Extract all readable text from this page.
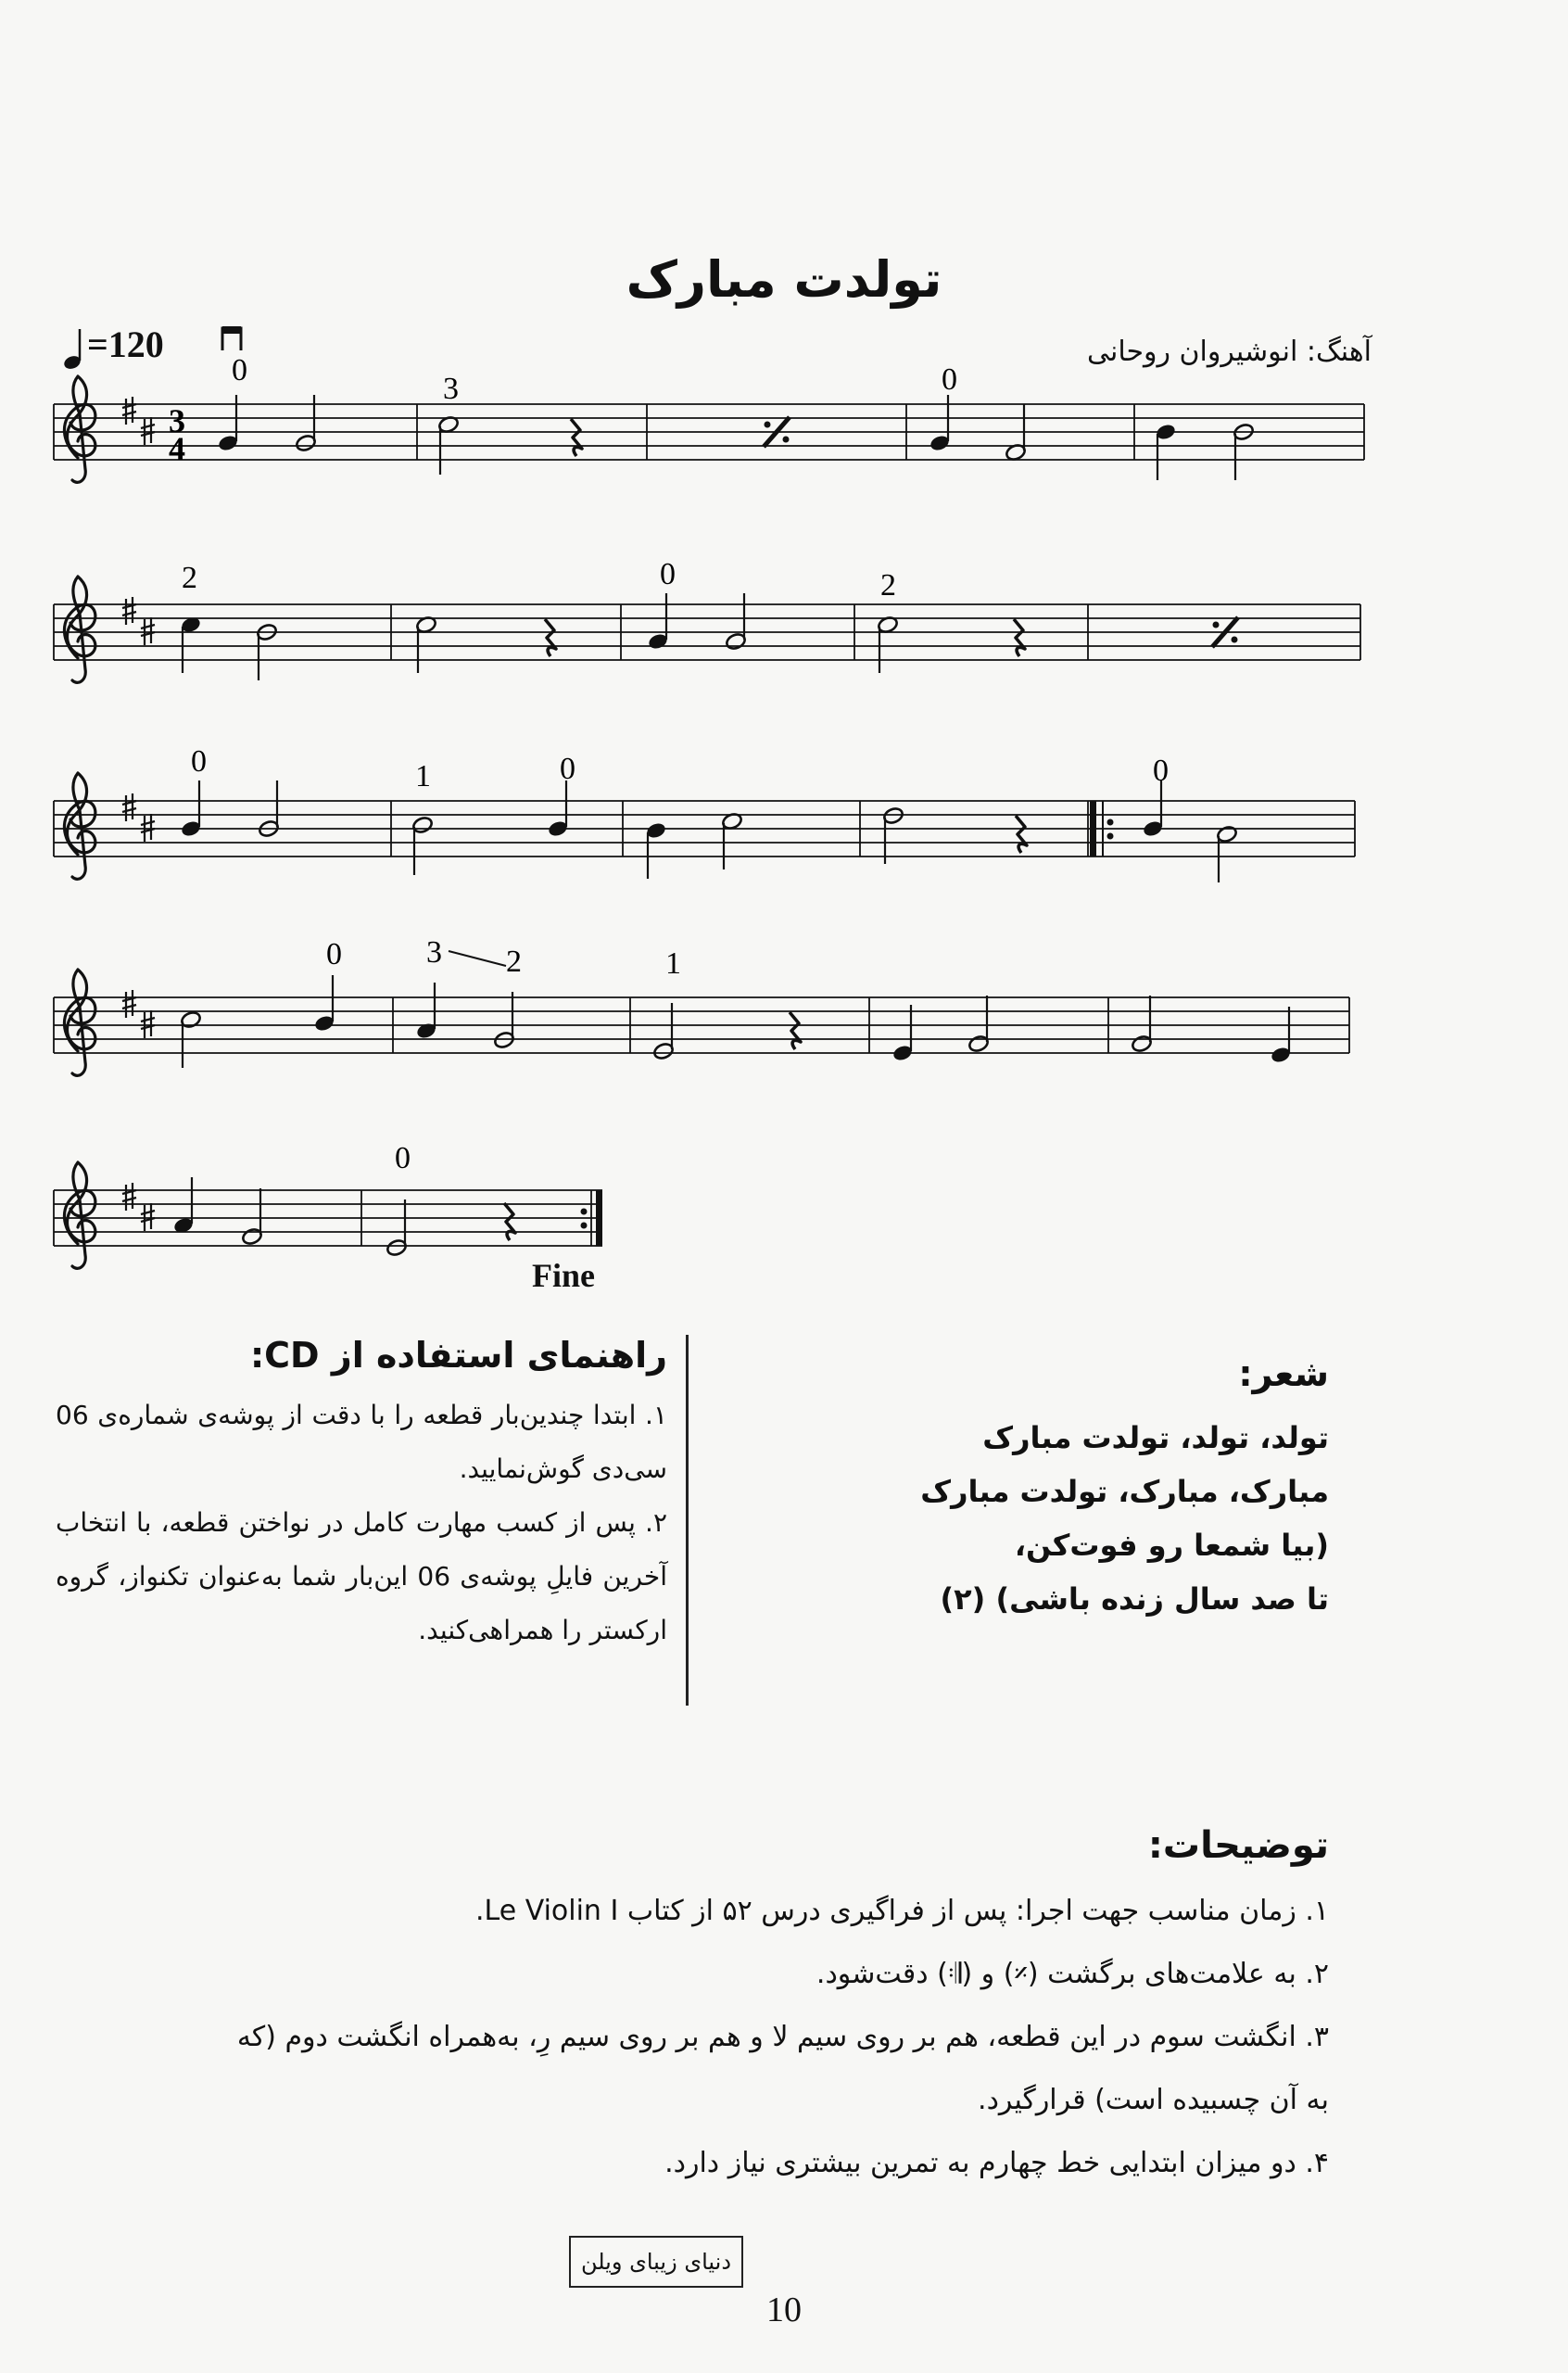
تولدت مبارک
=120	آهنگ: انوشیروان روحانی
3
4
0
3	0
2	0	2
0	1	0	0
0	3 2	1
0
Fine
راهنمای استفاده از CD:
۱. ابتدا چندین‌بار قطعه را با دقت از پوشه‌ی شماره‌ی 06 سی‌دی گوش‌نمایید.
۲. پس از کسب مهارت کامل در نواختن قطعه، با انتخاب آخرین فایلِ پوشه‌ی 06 این‌بار شما به‌عنوان تکنواز، گروه ارکستر را همراهی‌کنید.
شعر:
تولد، تولد، تولدت مبارک
مبارک، مبارک، تولدت مبارک
(بیا شمعا رو فوت‌کن،
تا صد سال زنده باشی) (۲)
توضیحات:
۱. زمان مناسب جهت اجرا: پس از فراگیری درس ۵۲ از کتاب Le Violin I.
۲. به علامت‌های برگشت (𝄎) و (𝄇) دقت‌شود.
۳. انگشت سوم در این قطعه، هم بر روی سیم لا و هم بر روی سیم رِ، به‌همراه انگشت دوم (که به آن چسبیده است) قرار‌گیرد.
۴. دو میزان ابتدایی خط چهارم به تمرین بیشتری نیاز دارد.
دنیای زیبای ویلن
10
